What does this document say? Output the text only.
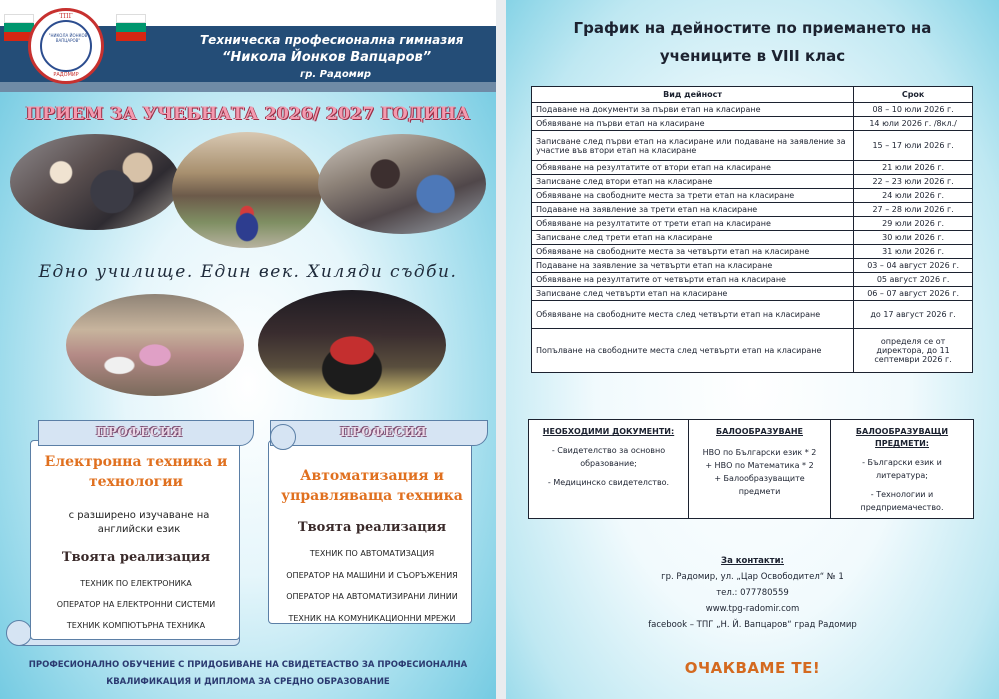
ТПГ
"НИКОЛА ЙОНКОВ ВАПЦАРОВ"
РАДОМИР
Техническа професионална гимназия
“Никола Йонков Вапцаров”
гр. Радомир
ПРИЕМ ЗА УЧЕБНАТА 2026/ 2027 ГОДИНА
Едно училище. Един век. Хиляди съдби.
ПРОФЕСИЯ
Електронна техника и технологии
с разширено изучаване на английски език
Твоята реализация
ТЕХНИК ПО ЕЛЕКТРОНИКА
ОПЕРАТОР НА ЕЛЕКТРОННИ СИСТЕМИ
ТЕХНИК КОМПЮТЪРНА ТЕХНИКА
ПРОФЕСИЯ
Автоматизация и управляваща техника
Твоята реализация
ТЕХНИК ПО АВТОМАТИЗАЦИЯ
ОПЕРАТОР НА МАШИНИ И СЪОРЪЖЕНИЯ
ОПЕРАТОР НА АВТОМАТИЗИРАНИ ЛИНИИ
ТЕХНИК НА КОМУНИКАЦИОННИ МРЕЖИ
ПРОФЕСИОНАЛНО ОБУЧЕНИЕ С ПРИДОБИВАНЕ НА СВИДЕТЕАСТВО ЗА ПРОФЕСИОНАЛНА
КВАЛИФИКАЦИЯ И ДИПЛОМА ЗА СРЕДНО ОБРАЗОВАНИЕ
График на дейностите по приемането на
учениците в VIII клас
Вид дейност	Срок
Подаване на документи за първи етап на класиране	08 – 10 юли 2026 г.
Обявяване на първи етап на класиране	14 юли 2026 г. /8кл./
Записване след първи етап на класиране или подаване на заявление за участие във втори етап на класиране	15 – 17 юли 2026 г.
Обявяване на резултатите от втори етап на класиране	21 юли 2026 г.
Записване след втори етап на класиране	22 – 23 юли 2026 г.
Обявяване на свободните места за трети етап на класиране	24 юли 2026 г.
Подаване на заявление за трети етап на класиране	27 – 28 юли 2026 г.
Обявяване на резултатите от трети етап на класиране	29 юли 2026 г.
Записване след трети етап на класиране	30 юли 2026 г.
Обявяване на свободните места за четвърти етап на класиране	31 юли 2026 г.
Подаване на заявление за четвърти етап на класиране	03 – 04 август 2026 г.
Обявяване на резултатите от четвърти етап на класиране	05 август 2026 г.
Записване след четвърти етап на класиране	06 – 07 август 2026 г.
Обявяване на свободните места след четвърти етап на класиране	до 17 август 2026 г.
Попълване на свободните места след четвърти етап на класиране	определя се от директора, до 11 септември 2026 г.
НЕОБХОДИМИ ДОКУМЕНТИ:
- Свидетелство за основно образование;
- Медицинско свидетелство.
БАЛООБРАЗУВАНЕ
НВО по Български език * 2
+ НВО по Математика * 2
+ Балообразуващите предмети
БАЛООБРАЗУВАЩИ ПРЕДМЕТИ:
- Български език и литература;
- Технологии и предприемачество.
За контакти:
гр. Радомир, ул. „Цар Освободител“ № 1
тел.: 077780559
www.tpg-radomir.com
facebook – ТПГ „Н. Й. Вапцаров“ град Радомир
ОЧАКВАМЕ ТЕ!
